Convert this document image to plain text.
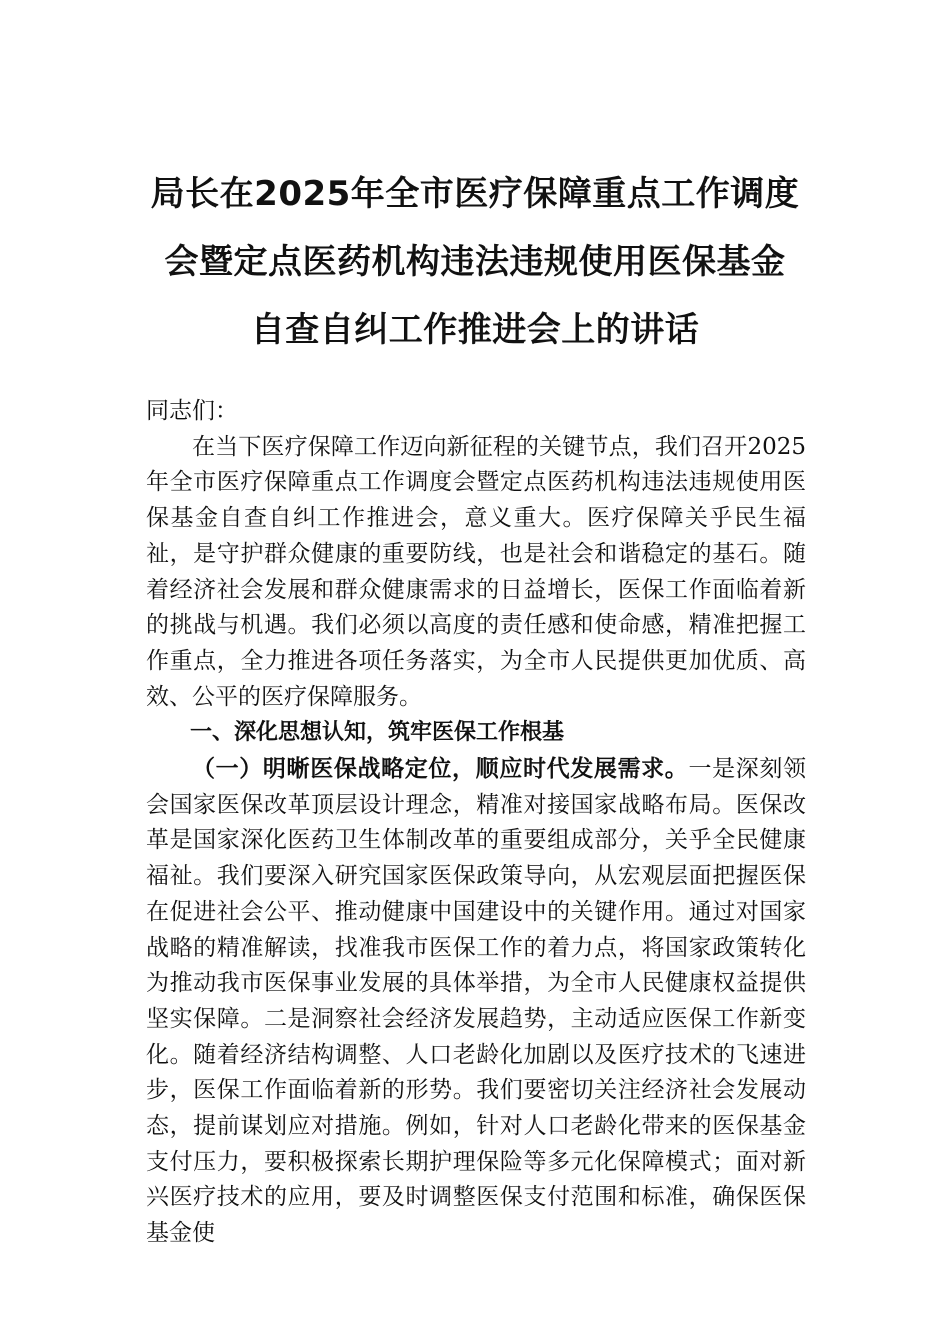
局长在2025年全市医疗保障重点工作调度
会暨定点医药机构违法违规使用医保基金
自查自纠工作推进会上的讲话

同志们：

在当下医疗保障工作迈向新征程的关键节点，我们召开2025年全市医疗保障重点工作调度会暨定点医药机构违法违规使用医保基金自查自纠工作推进会，意义重大。医疗保障关乎民生福祉，是守护群众健康的重要防线，也是社会和谐稳定的基石。随着经济社会发展和群众健康需求的日益增长，医保工作面临着新的挑战与机遇。我们必须以高度的责任感和使命感，精准把握工作重点，全力推进各项任务落实，为全市人民提供更加优质、高效、公平的医疗保障服务。

一、深化思想认知，筑牢医保工作根基

（一）明晰医保战略定位，顺应时代发展需求。一是深刻领会国家医保改革顶层设计理念，精准对接国家战略布局。医保改革是国家深化医药卫生体制改革的重要组成部分，关乎全民健康福祉。我们要深入研究国家医保政策导向，从宏观层面把握医保在促进社会公平、推动健康中国建设中的关键作用。通过对国家战略的精准解读，找准我市医保工作的着力点，将国家政策转化为推动我市医保事业发展的具体举措，为全市人民健康权益提供坚实保障。二是洞察社会经济发展趋势，主动适应医保工作新变化。随着经济结构调整、人口老龄化加剧以及医疗技术的飞速进步，医保工作面临着新的形势。我们要密切关注经济社会发展动态，提前谋划应对措施。例如，针对人口老龄化带来的医保基金支付压力，要积极探索长期护理保险等多元化保障模式；面对新兴医疗技术的应用，要及时调整医保支付范围和标准，确保医保基金使
